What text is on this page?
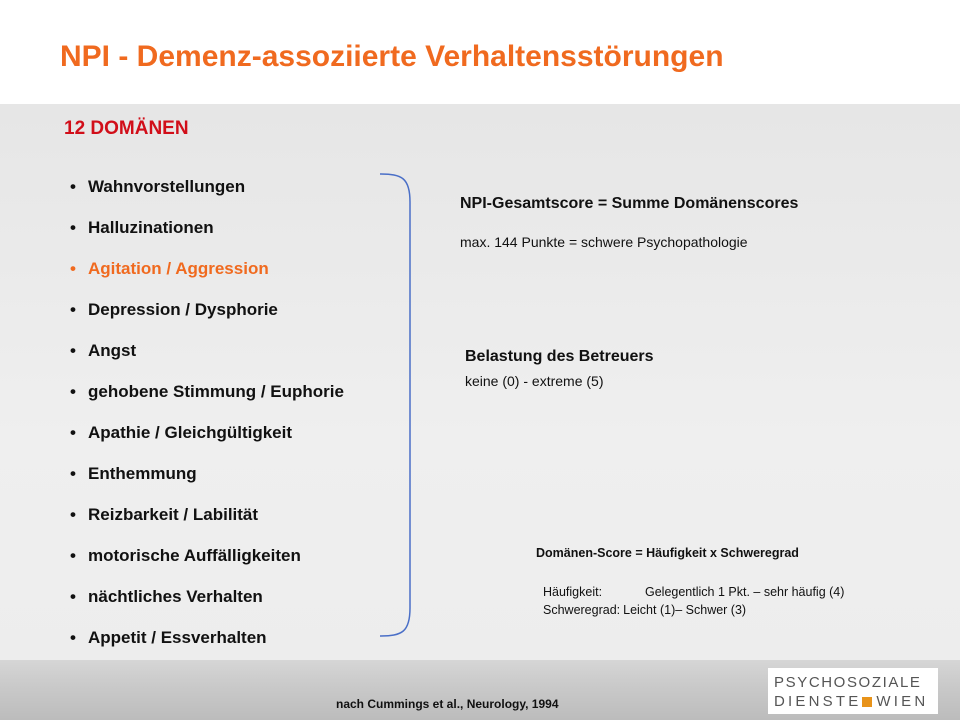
NPI - Demenz-assoziierte Verhaltensstörungen
12 DOMÄNEN
• Wahnvorstellungen
• Halluzinationen
• Agitation / Aggression
• Depression / Dysphorie
• Angst
• gehobene Stimmung / Euphorie
• Apathie / Gleichgültigkeit
• Enthemmung
• Reizbarkeit / Labilität
• motorische Auffälligkeiten
• nächtliches Verhalten
• Appetit / Essverhalten
NPI-Gesamtscore = Summe Domänenscores
max. 144 Punkte = schwere Psychopathologie
Belastung des Betreuers
keine (0) - extreme (5)
Domänen-Score = Häufigkeit x Schweregrad
Häufigkeit:	Gelegentlich 1 Pkt. – sehr häufig (4)
Schweregrad: Leicht (1)– Schwer (3)
nach Cummings et al., Neurology, 1994
PSYCHOSOZIALE
DIENSTE WIEN
